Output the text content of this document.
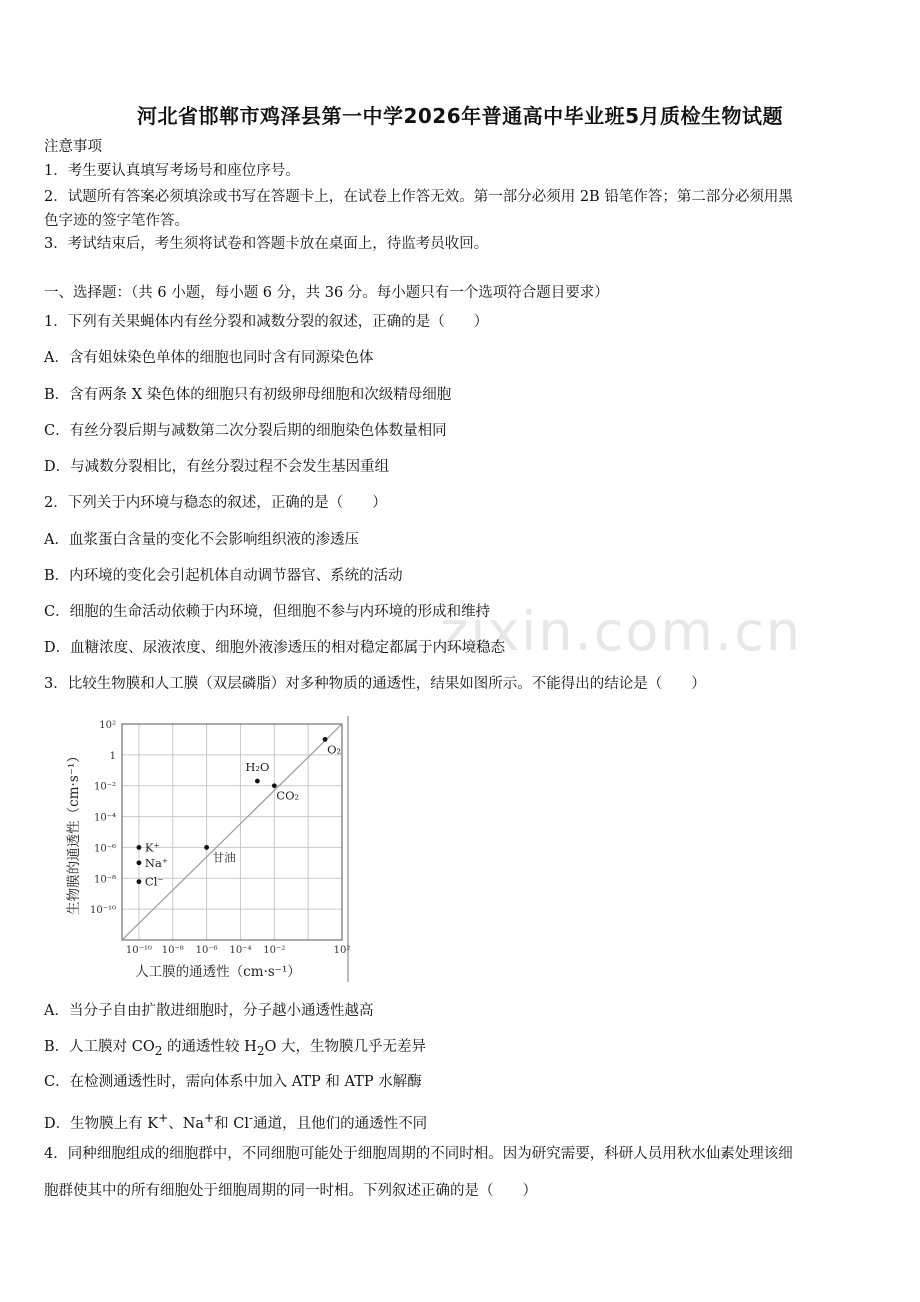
zixin.com.cn
河北省邯郸市鸡泽县第一中学2026年普通高中毕业班5月质检生物试题
注意事项
1．考生要认真填写考场号和座位序号。
2．试题所有答案必须填涂或书写在答题卡上，在试卷上作答无效。第一部分必须用 2B 铅笔作答；第二部分必须用黑
色字迹的签字笔作答。
3．考试结束后，考生须将试卷和答题卡放在桌面上，待监考员收回。
一、选择题：（共 6 小题，每小题 6 分，共 36 分。每小题只有一个选项符合题目要求）
1．下列有关果蝇体内有丝分裂和减数分裂的叙述，正确的是（　　）
A．含有姐妹染色单体的细胞也同时含有同源染色体
B．含有两条 X 染色体的细胞只有初级卵母细胞和次级精母细胞
C．有丝分裂后期与减数第二次分裂后期的细胞染色体数量相同
D．与减数分裂相比，有丝分裂过程不会发生基因重组
2．下列关于内环境与稳态的叙述，正确的是（　　）
A．血浆蛋白含量的变化不会影响组织液的渗透压
B．内环境的变化会引起机体自动调节器官、系统的活动
C．细胞的生命活动依赖于内环境，但细胞不参与内环境的形成和维持
D．血糖浓度、尿液浓度、细胞外液渗透压的相对稳定都属于内环境稳态
3．比较生物膜和人工膜（双层磷脂）对多种物质的通透性，结果如图所示。不能得出的结论是（　　）
10²
1
10⁻²
10⁻⁴
10⁻⁶
10⁻⁸
10⁻¹⁰
10⁻¹⁰ 10⁻⁸ 10⁻⁶ 10⁻⁴ 10⁻²	10²
O₂
H₂O
CO₂
甘油
K⁺
Na⁺
Cl⁻
人工膜的通透性（cm·s⁻¹）
生物膜的通透性（cm·s⁻¹）
A．当分子自由扩散进细胞时，分子越小通透性越高
B．人工膜对 $CO_2$ 的通透性较 $H_2O$ 大，生物膜几乎无差异
C．在检测通透性时，需向体系中加入 ATP 和 ATP 水解酶
D．生物膜上有 K+、Na+和 Cl-通道，且他们的通透性不同
4．同种细胞组成的细胞群中，不同细胞可能处于细胞周期的不同时相。因为研究需要，科研人员用秋水仙素处理该细
胞群使其中的所有细胞处于细胞周期的同一时相。下列叙述正确的是（　　）
